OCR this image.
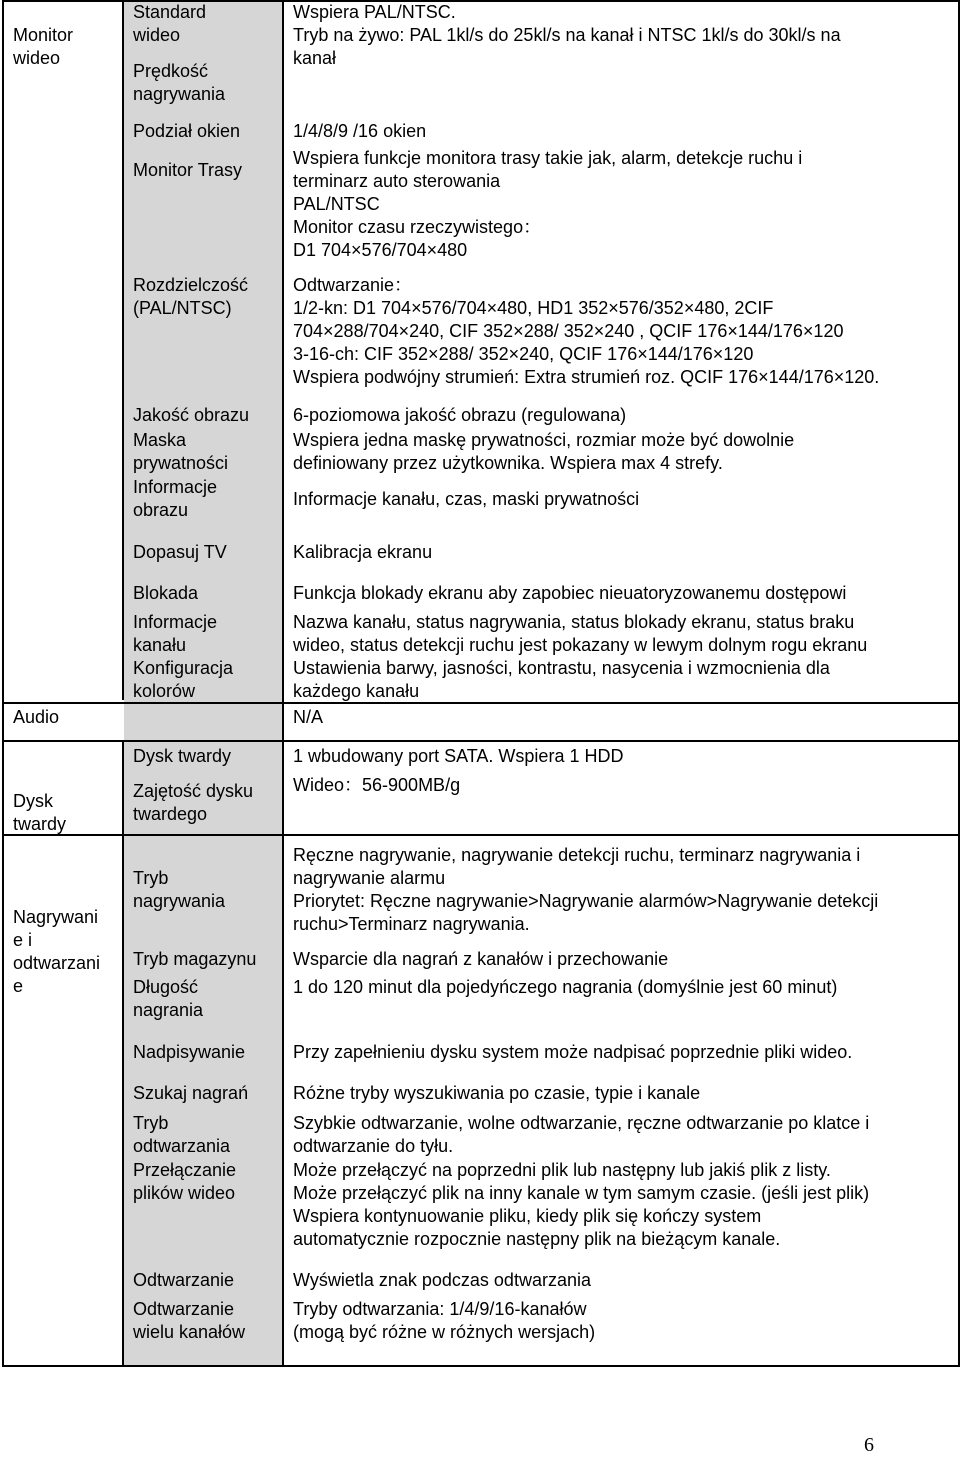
Monitor
wideo
Audio
Dysk
twardy
Nagrywani
e i
odtwarzani
e
Standard
wideo
Prędkość
nagrywania
Podział okien
Monitor Trasy
Rozdzielczość
(PAL/NTSC)
Jakość obrazu
Maska
prywatności
Informacje
obrazu
Dopasuj TV
Blokada
Informacje
kanału
Konfiguracja
kolorów
Dysk twardy
Zajętość dysku
twardego
Tryb
nagrywania
Tryb magazynu
Długość
nagrania
Nadpisywanie
Szukaj nagrań
Tryb
odtwarzania
Przełączanie
plików wideo
Odtwarzanie
Odtwarzanie
wielu kanałów
Wspiera PAL/NTSC.
Tryb na żywo: PAL 1kl/s do 25kl/s na kanał i NTSC 1kl/s do 30kl/s na
kanał
1/4/8/9 /16 okien
Wspiera funkcje monitora trasy takie jak, alarm, detekcje ruchu i
terminarz auto sterowania
PAL/NTSC
Monitor czasu rzeczywistego：
D1 704×576/704×480
Odtwarzanie：
1/2-kn: D1 704×576/704×480, HD1 352×576/352×480, 2CIF
704×288/704×240, CIF 352×288/ 352×240 , QCIF 176×144/176×120
3-16-ch: CIF 352×288/ 352×240, QCIF 176×144/176×120
Wspiera podwójny strumień: Extra strumień roz. QCIF 176×144/176×120.
6-poziomowa jakość obrazu (regulowana)
Wspiera jedna maskę prywatności, rozmiar może być dowolnie
definiowany przez użytkownika. Wspiera max 4 strefy.
Informacje kanału, czas, maski prywatności
Kalibracja ekranu
Funkcja blokady ekranu aby zapobiec nieuatoryzowanemu dostępowi
Nazwa kanału, status nagrywania, status blokady ekranu, status braku
wideo, status detekcji ruchu jest pokazany w lewym dolnym rogu ekranu
Ustawienia barwy, jasności, kontrastu, nasycenia i wzmocnienia dla
każdego kanału
N/A
1 wbudowany port SATA. Wspiera 1 HDD
Wideo：56-900MB/g
Ręczne nagrywanie, nagrywanie detekcji ruchu, terminarz nagrywania i
nagrywanie alarmu
Priorytet: Ręczne nagrywanie>Nagrywanie alarmów>Nagrywanie detekcji
ruchu>Terminarz nagrywania.
Wsparcie dla nagrań z kanałów i przechowanie
1 do 120 minut dla pojedyńczego nagrania (domyślnie jest 60 minut)
Przy zapełnieniu dysku system może nadpisać poprzednie pliki wideo.
Różne tryby wyszukiwania po czasie, typie i kanale
Szybkie odtwarzanie, wolne odtwarzanie, ręczne odtwarzanie po klatce i
odtwarzanie do tyłu.
Może przełączyć na poprzedni plik lub następny lub jakiś plik z listy.
Może przełączyć plik na inny kanale w tym samym czasie. (jeśli jest plik)
Wspiera kontynuowanie pliku, kiedy plik się kończy system
automatycznie rozpocznie następny plik na bieżącym kanale.
Wyświetla znak podczas odtwarzania
Tryby odtwarzania: 1/4/9/16-kanałów
(mogą być różne w różnych wersjach)
6
